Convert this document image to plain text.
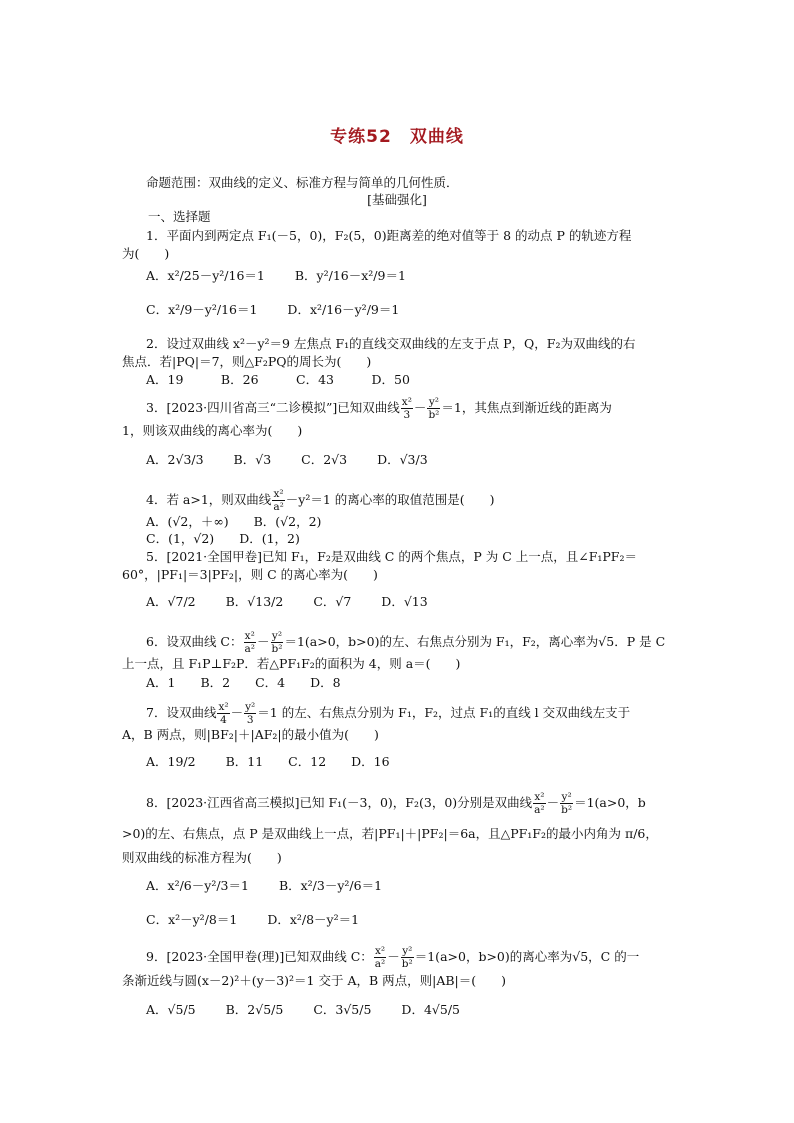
专练52　双曲线
命题范围：双曲线的定义、标准方程与简单的几何性质．
[基础强化]
一、选择题
1．平面内到两定点 F₁(－5，0)，F₂(5，0)距离差的绝对值等于 8 的动点 P 的轨迹方程
为(　　)
A．x²/25－y²/16＝1 B．y²/16－x²/9＝1
C．x²/9－y²/16＝1 D．x²/16－y²/9＝1
2．设过双曲线 x²－y²＝9 左焦点 F₁的直线交双曲线的左支于点 P，Q，F₂为双曲线的右
焦点．若|PQ|＝7，则△F₂PQ的周长为(　　)
A．19　　　B．26　　　C．43　　　D．50
3．[2023·四川省高三“二诊模拟”]已知双曲线 $\frac{\text{x²}}{3} - \frac{\text{y²}}{\text{b²}} =1$，其焦点到渐近线的距离为
1，则该双曲线的离心率为(　　)
A．2√3/3 B．√3 C．2√3 D．√3/3
4．若 a>1，则双曲线 $\frac{\text{x²}}{\text{a²}} -y^2=1$ 的离心率的取值范围是(　　)
A．(√2，＋∞)　　B．(√2，2)
C．(1，√2)　　D．(1，2)
5．[2021·全国甲卷]已知 F₁，F₂是双曲线 C 的两个焦点，P 为 C 上一点，且∠F₁PF₂＝
60°，|PF₁|＝3|PF₂|，则 C 的离心率为(　　)
A．√7/2 B．√13/2 C．√7 D．√13
6．设双曲线 C： $\frac{\text{x²}}{\text{a²}} - \frac{\text{y²}}{\text{b²}} =1(a>0$，b>0)的左、右焦点分别为 F₁，F₂，离心率为√5．P 是 C
上一点，且 F₁P⊥F₂P．若△PF₁F₂的面积为 4，则 a＝(　　)
A．1　　B．2　　C．4　　D．8
7．设双曲线 $\frac{\text{x²}}{4} - \frac{\text{y²}}{3} =1$ 的左、右焦点分别为 F₁，F₂，过点 F₁的直线 l 交双曲线左支于
A，B 两点，则|BF₂|＋|AF₂|的最小值为(　　)
A．19/2 B．11　　C．12　　D．16
8．[2023·江西省高三模拟]已知 F₁(－3，0)，F₂(3，0)分别是双曲线 $\frac{\text{x²}}{\text{a²}} - \frac{\text{y²}}{\text{b²}} =1(a>0$，b
>0)的左、右焦点，点 P 是双曲线上一点，若|PF₁|＋|PF₂|＝6a，且△PF₁F₂的最小内角为 π/6，
则双曲线的标准方程为(　　)
A．x²/6－y²/3＝1 B．x²/3－y²/6＝1
C．x²－y²/8＝1 D．x²/8－y²＝1
9．[2023·全国甲卷(理)]已知双曲线 C： $\frac{\text{x²}}{\text{a²}} - \frac{\text{y²}}{\text{b²}} =1(a>0$，b>0)的离心率为√5，C 的一
条渐近线与圆(x－2)²＋(y－3)²＝1 交于 A，B 两点，则|AB|＝(　　)
A．√5/5 B．2√5/5 C．3√5/5 D．4√5/5
